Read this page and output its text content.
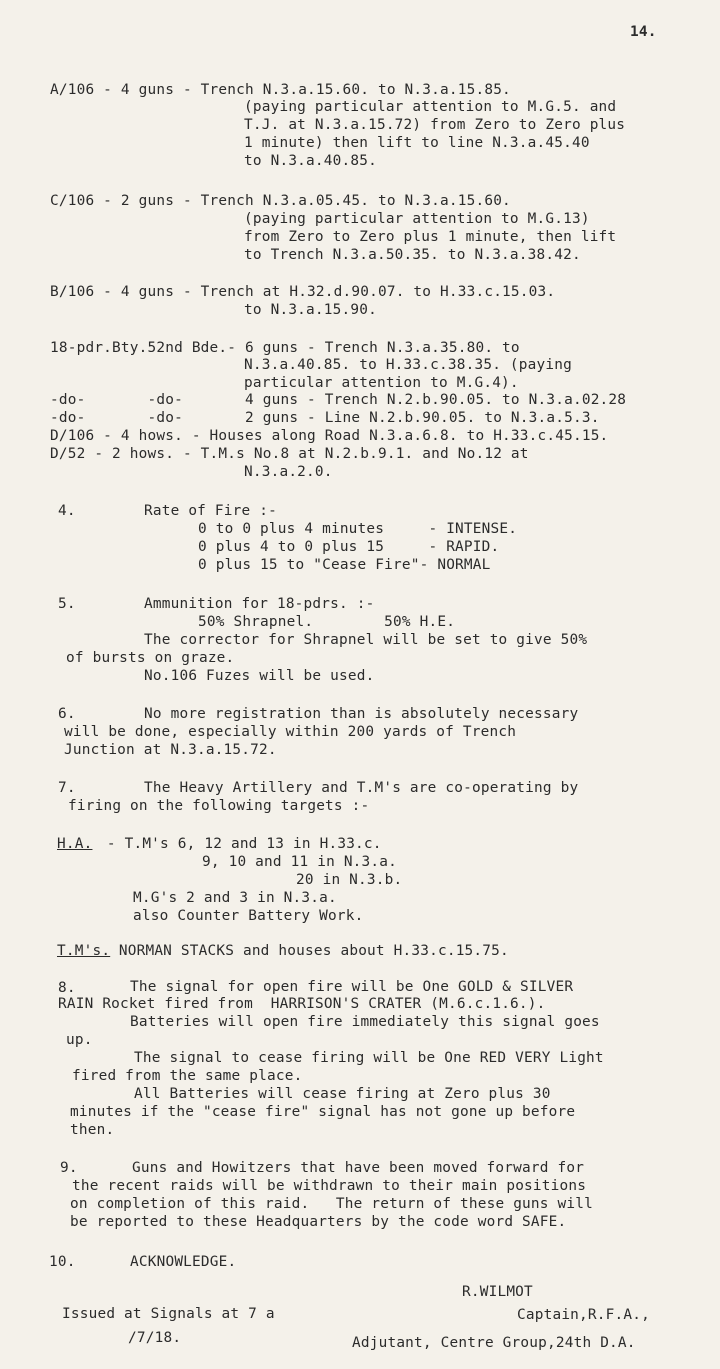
14.
A/106 - 4 guns - Trench N.3.a.15.60. to N.3.a.15.85.
(paying particular attention to M.G.5. and
T.J. at N.3.a.15.72) from Zero to Zero plus
1 minute) then lift to line N.3.a.45.40
to N.3.a.40.85.
C/106 - 2 guns - Trench N.3.a.05.45. to N.3.a.15.60.
(paying particular attention to M.G.13)
from Zero to Zero plus 1 minute, then lift
to Trench N.3.a.50.35. to N.3.a.38.42.
B/106 - 4 guns - Trench at H.32.d.90.07. to H.33.c.15.03.
to N.3.a.15.90.
18-pdr.Bty.52nd Bde.- 6 guns - Trench N.3.a.35.80. to
N.3.a.40.85. to H.33.c.38.35. (paying
particular attention to M.G.4).
-do-       -do-       4 guns - Trench N.2.b.90.05. to N.3.a.02.28
-do-       -do-       2 guns - Line N.2.b.90.05. to N.3.a.5.3.
D/106 - 4 hows. - Houses along Road N.3.a.6.8. to H.33.c.45.15.
D/52 - 2 hows. - T.M.s No.8 at N.2.b.9.1. and No.12 at
N.3.a.2.0.
4.	Rate of Fire :-
0 to 0 plus 4 minutes     - INTENSE.
0 plus 4 to 0 plus 15     - RAPID.
0 plus 15 to "Cease Fire"- NORMAL
5.	Ammunition for 18-pdrs. :-
50% Shrapnel.        50% H.E.
The corrector for Shrapnel will be set to give 50%
of bursts on graze.
No.106 Fuzes will be used.
6.	No more registration than is absolutely necessary
will be done, especially within 200 yards of Trench
Junction at N.3.a.15.72.
7.	The Heavy Artillery and T.M's are co-operating by
firing on the following targets :-
H.A. - T.M's 6, 12 and 13 in H.33.c.
9, 10 and 11 in N.3.a.
20 in N.3.b.
M.G's 2 and 3 in N.3.a.
also Counter Battery Work.
T.M's. NORMAN STACKS and houses about H.33.c.15.75.
8.	The signal for open fire will be One GOLD & SILVER
RAIN Rocket fired from  HARRISON'S CRATER (M.6.c.1.6.).
Batteries will open fire immediately this signal goes
up.
The signal to cease firing will be One RED VERY Light
fired from the same place.
All Batteries will cease firing at Zero plus 30
minutes if the "cease fire" signal has not gone up before
then.
9.	Guns and Howitzers that have been moved forward for
the recent raids will be withdrawn to their main positions
on completion of this raid.   The return of these guns will
be reported to these Headquarters by the code word SAFE.
10.	ACKNOWLEDGE.
R.WILMOT
Captain,R.F.A.,
Adjutant, Centre Group,24th D.A.
Issued at Signals at 7 a
/7/18.
